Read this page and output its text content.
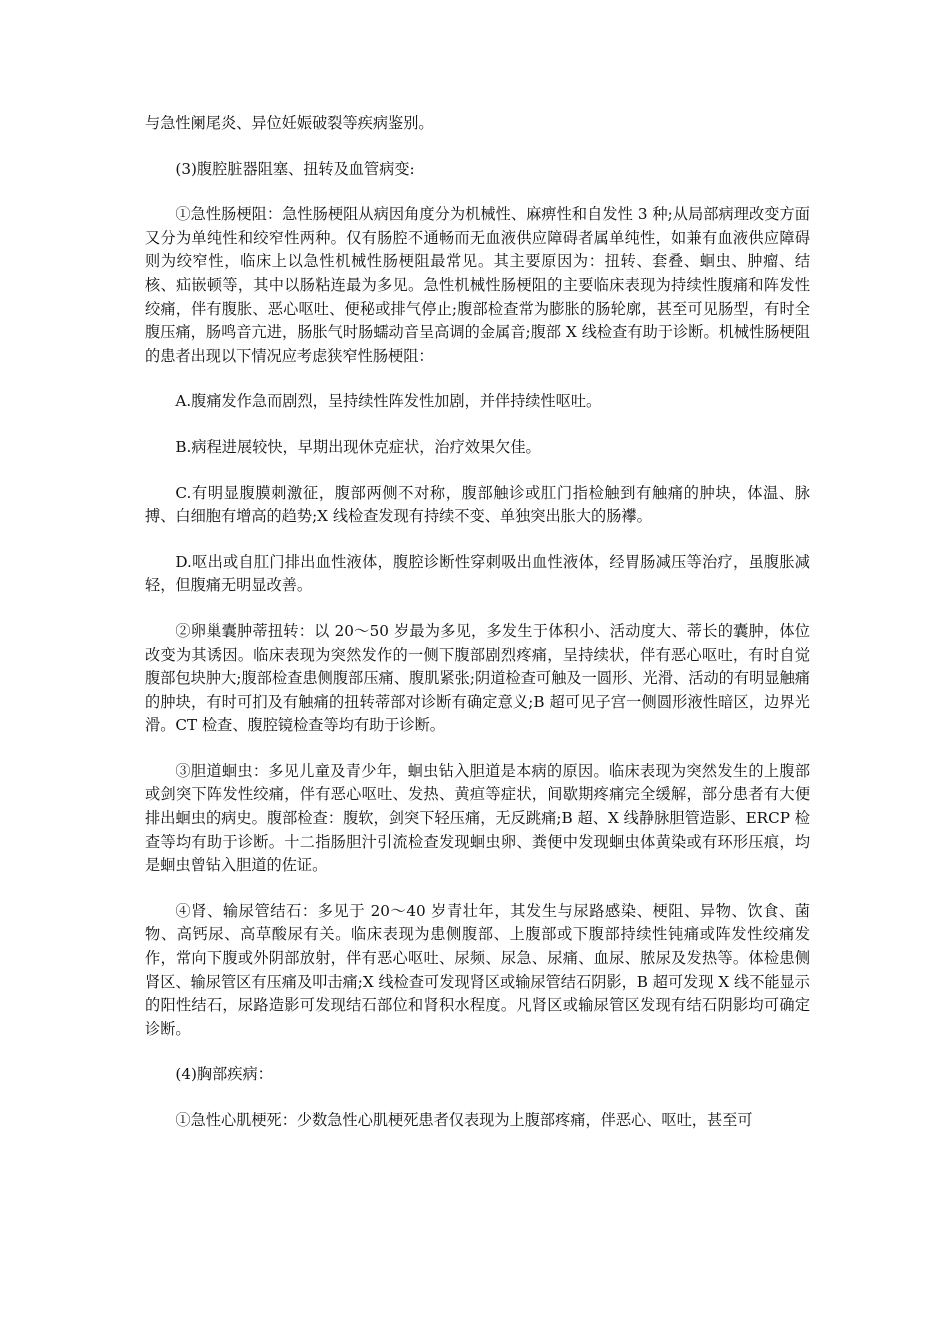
与急性阑尾炎、异位妊娠破裂等疾病鉴别。

(3)腹腔脏器阻塞、扭转及血管病变:

①急性肠梗阻：急性肠梗阻从病因角度分为机械性、麻痹性和自发性 3 种;从局部病理改变方面又分为单纯性和绞窄性两种。仅有肠腔不通畅而无血液供应障碍者属单纯性，如兼有血液供应障碍则为绞窄性，临床上以急性机械性肠梗阻最常见。其主要原因为：扭转、套叠、蛔虫、肿瘤、结核、疝嵌顿等，其中以肠粘连最为多见。急性机械性肠梗阻的主要临床表现为持续性腹痛和阵发性绞痛，伴有腹胀、恶心呕吐、便秘或排气停止;腹部检查常为膨胀的肠轮廓，甚至可见肠型，有时全腹压痛，肠鸣音亢进，肠胀气时肠蠕动音呈高调的金属音;腹部 X 线检查有助于诊断。机械性肠梗阻的患者出现以下情况应考虑狭窄性肠梗阻：

A.腹痛发作急而剧烈，呈持续性阵发性加剧，并伴持续性呕吐。

B.病程进展较快，早期出现休克症状，治疗效果欠佳。

C.有明显腹膜刺激征，腹部两侧不对称，腹部触诊或肛门指检触到有触痛的肿块，体温、脉搏、白细胞有增高的趋势;X 线检查发现有持续不变、单独突出胀大的肠襻。

D.呕出或自肛门排出血性液体，腹腔诊断性穿刺吸出血性液体，经胃肠减压等治疗，虽腹胀减轻，但腹痛无明显改善。

②卵巢囊肿蒂扭转：以 20～50 岁最为多见，多发生于体积小、活动度大、蒂长的囊肿，体位改变为其诱因。临床表现为突然发作的一侧下腹部剧烈疼痛，呈持续状，伴有恶心呕吐，有时自觉腹部包块肿大;腹部检查患侧腹部压痛、腹肌紧张;阴道检查可触及一圆形、光滑、活动的有明显触痛的肿块，有时可扪及有触痛的扭转蒂部对诊断有确定意义;B 超可见子宫一侧圆形液性暗区，边界光滑。CT 检查、腹腔镜检查等均有助于诊断。

③胆道蛔虫：多见儿童及青少年，蛔虫钻入胆道是本病的原因。临床表现为突然发生的上腹部或剑突下阵发性绞痛，伴有恶心呕吐、发热、黄疸等症状，间歇期疼痛完全缓解，部分患者有大便排出蛔虫的病史。腹部检查：腹软，剑突下轻压痛，无反跳痛;B 超、X 线静脉胆管造影、ERCP 检查等均有助于诊断。十二指肠胆汁引流检查发现蛔虫卵、粪便中发现蛔虫体黄染或有环形压痕，均是蛔虫曾钻入胆道的佐证。

④肾、输尿管结石：多见于 20～40 岁青壮年，其发生与尿路感染、梗阻、异物、饮食、菌物、高钙尿、高草酸尿有关。临床表现为患侧腹部、上腹部或下腹部持续性钝痛或阵发性绞痛发作，常向下腹或外阴部放射，伴有恶心呕吐、尿频、尿急、尿痛、血尿、脓尿及发热等。体检患侧肾区、输尿管区有压痛及叩击痛;X 线检查可发现肾区或输尿管结石阴影，B 超可发现 X 线不能显示的阳性结石，尿路造影可发现结石部位和肾积水程度。凡肾区或输尿管区发现有结石阴影均可确定诊断。

(4)胸部疾病：

①急性心肌梗死：少数急性心肌梗死患者仅表现为上腹部疼痛，伴恶心、呕吐，甚至可
